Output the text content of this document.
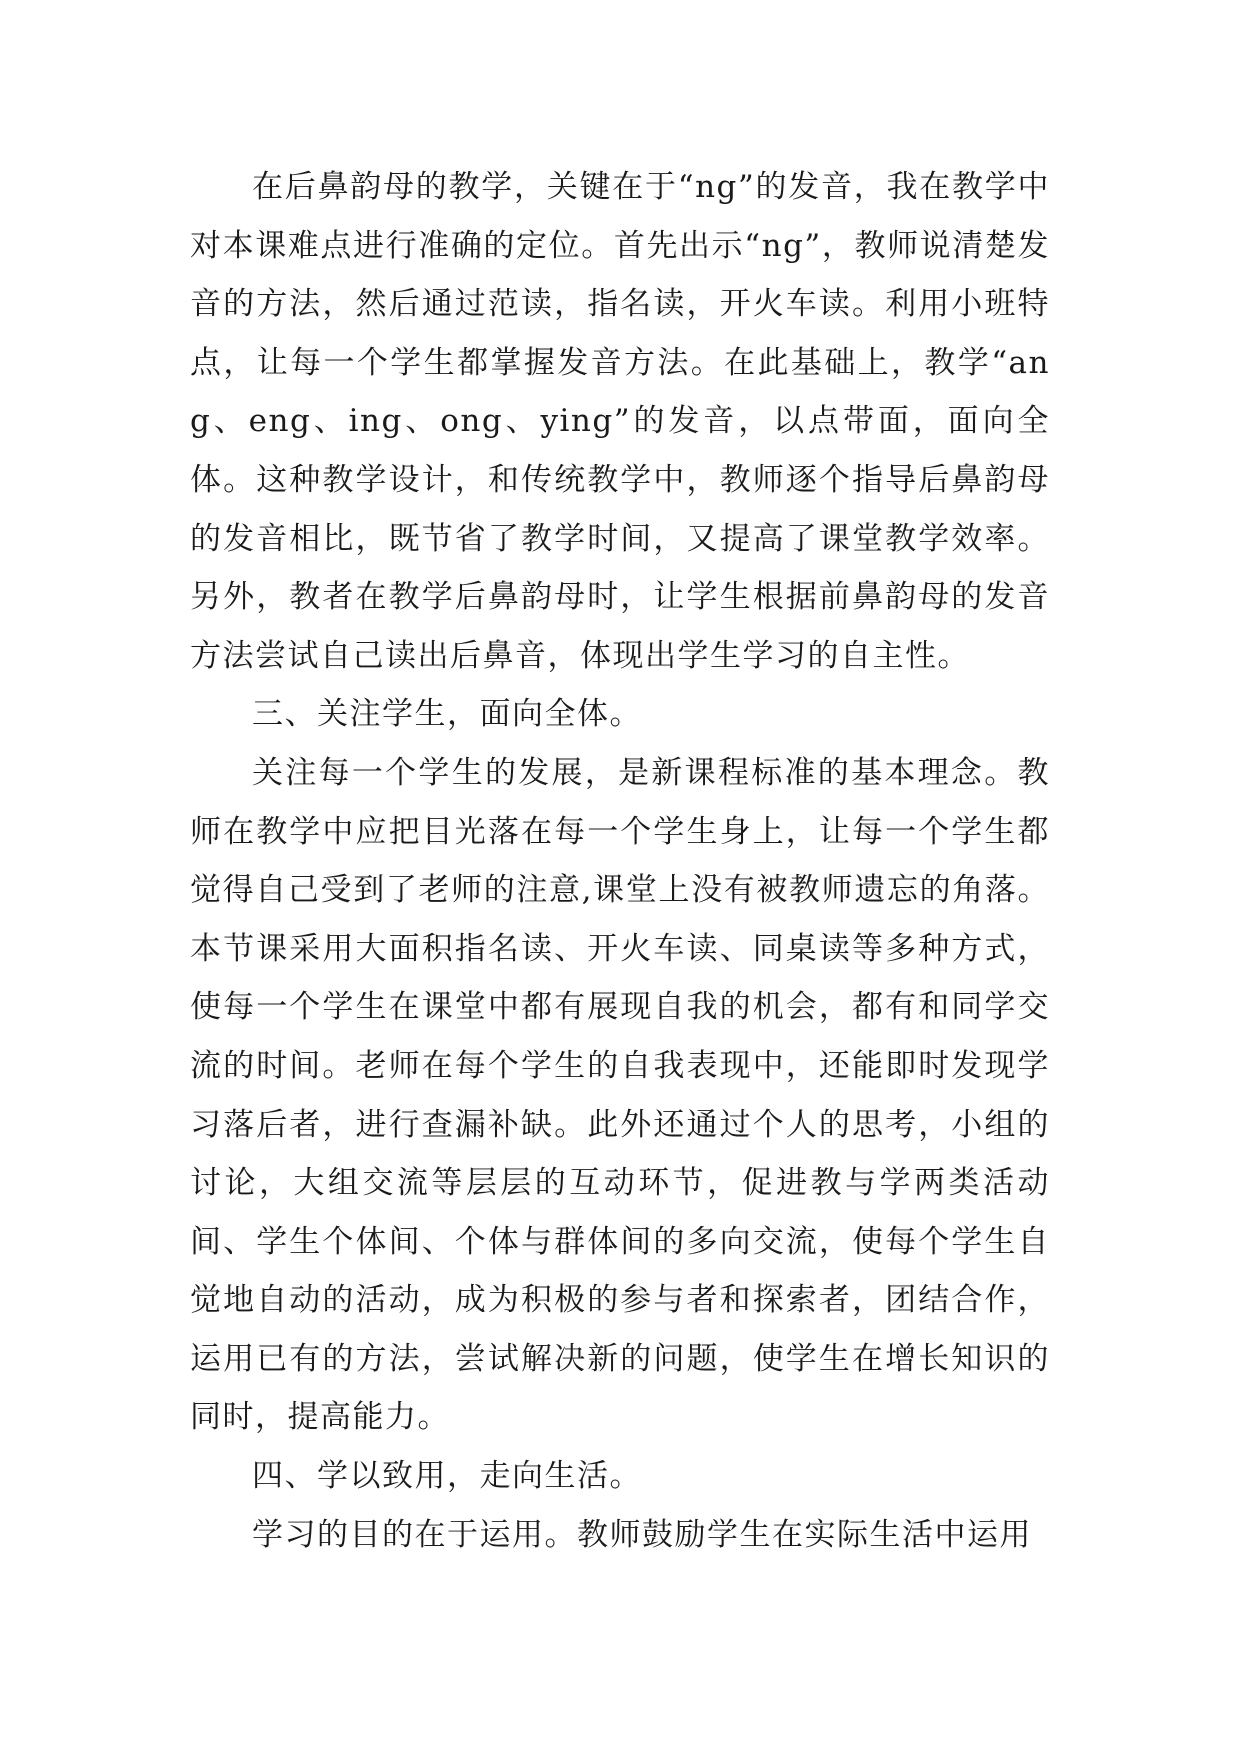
在后鼻韵母的教学，关键在于“ng”的发音，我在教学中对本课难点进行准确的定位。首先出示“ng”，教师说清楚发音的方法，然后通过范读，指名读，开火车读。利用小班特点，让每一个学生都掌握发音方法。在此基础上，教学“ang、eng、ing、ong、ying”的发音，以点带面，面向全体。这种教学设计，和传统教学中，教师逐个指导后鼻韵母的发音相比，既节省了教学时间，又提高了课堂教学效率。另外，教者在教学后鼻韵母时，让学生根据前鼻韵母的发音方法尝试自己读出后鼻音，体现出学生学习的自主性。

三、关注学生，面向全体。

关注每一个学生的发展，是新课程标准的基本理念。教师在教学中应把目光落在每一个学生身上，让每一个学生都觉得自己受到了老师的注意,课堂上没有被教师遗忘的角落。本节课采用大面积指名读、开火车读、同桌读等多种方式，使每一个学生在课堂中都有展现自我的机会，都有和同学交流的时间。老师在每个学生的自我表现中，还能即时发现学习落后者，进行查漏补缺。此外还通过个人的思考，小组的讨论，大组交流等层层的互动环节，促进教与学两类活动间、学生个体间、个体与群体间的多向交流，使每个学生自觉地自动的活动，成为积极的参与者和探索者，团结合作，运用已有的方法，尝试解决新的问题，使学生在增长知识的同时，提高能力。

四、学以致用，走向生活。

学习的目的在于运用。教师鼓励学生在实际生活中运用
